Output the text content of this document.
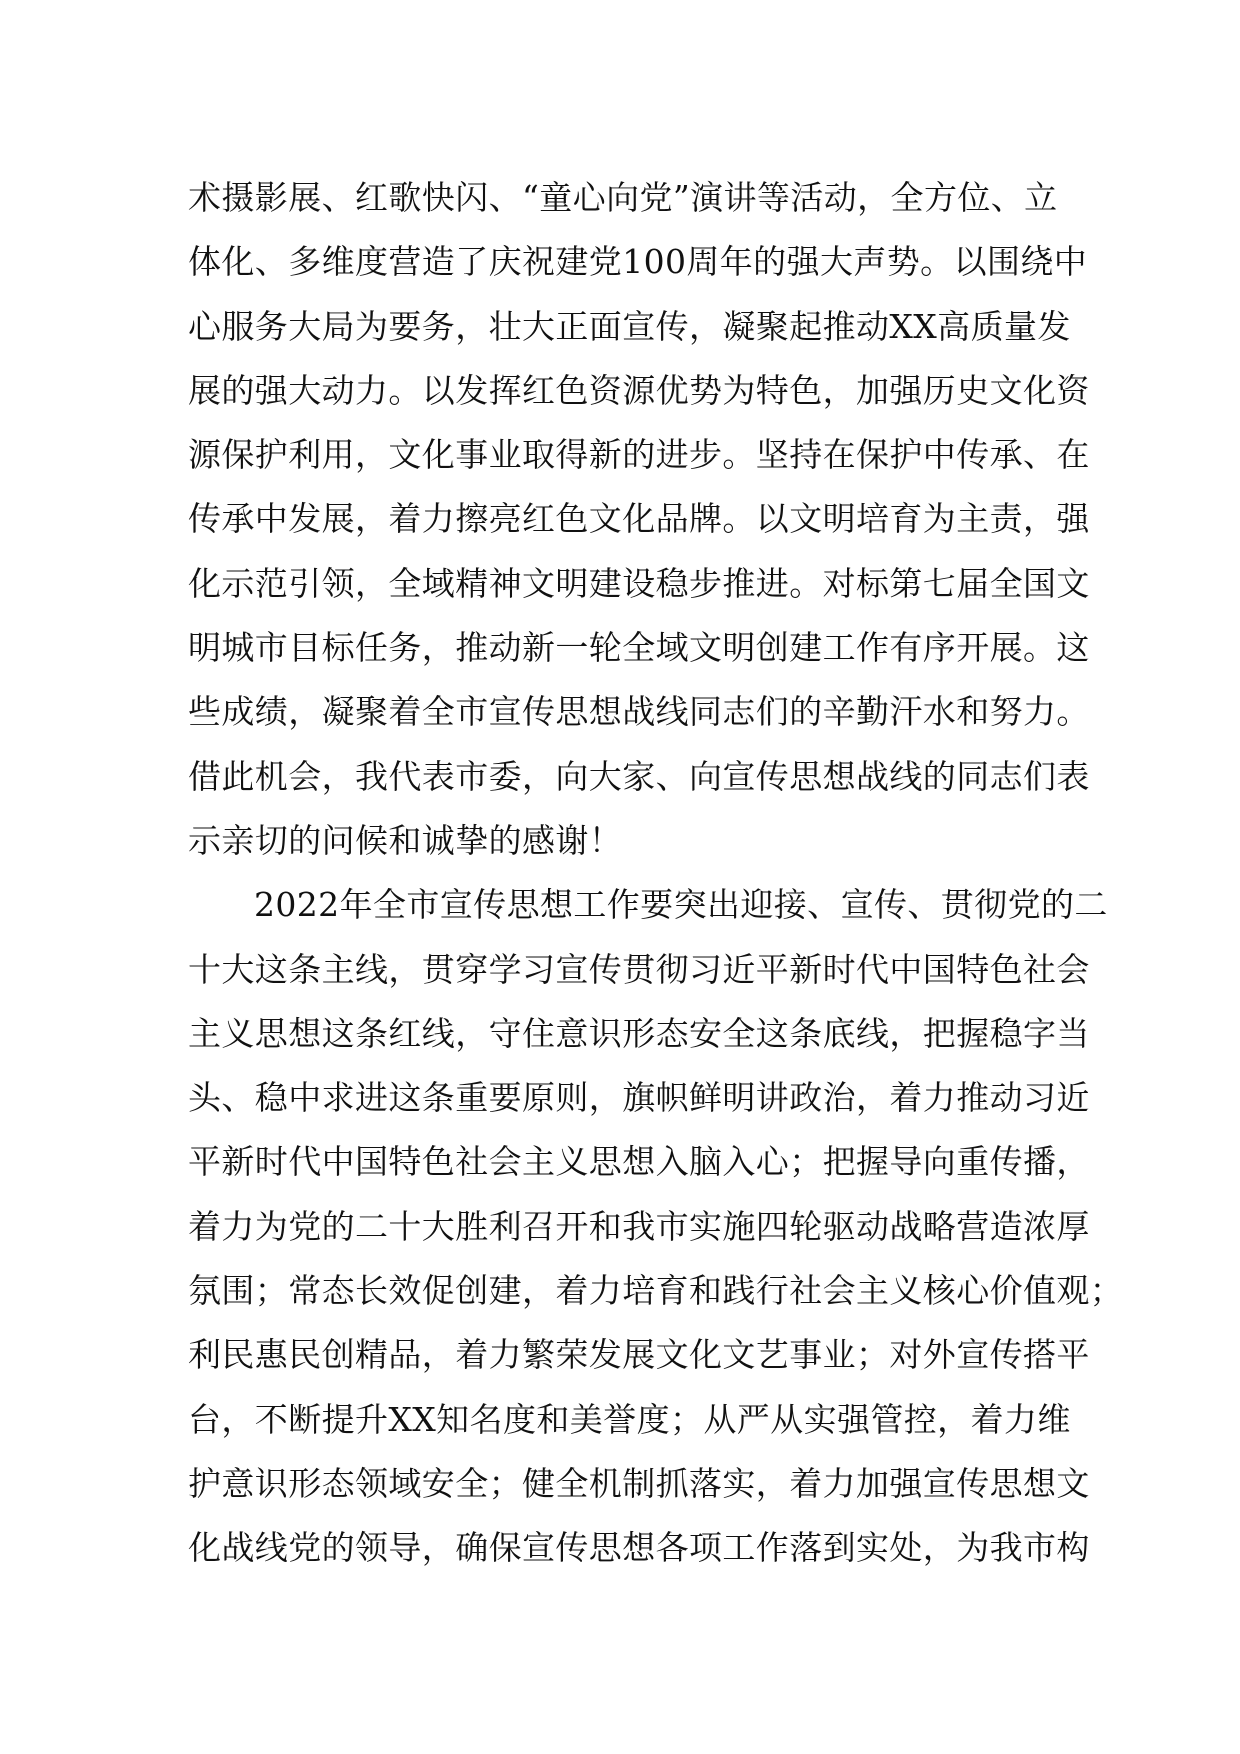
术摄影展、红歌快闪、“童心向党”演讲等活动，全方位、立
体化、多维度营造了庆祝建党100周年的强大声势。以围绕中
心服务大局为要务，壮大正面宣传，凝聚起推动XX高质量发
展的强大动力。以发挥红色资源优势为特色，加强历史文化资
源保护利用，文化事业取得新的进步。坚持在保护中传承、在
传承中发展，着力擦亮红色文化品牌。以文明培育为主责，强
化示范引领，全域精神文明建设稳步推进。对标第七届全国文
明城市目标任务，推动新一轮全域文明创建工作有序开展。这
些成绩，凝聚着全市宣传思想战线同志们的辛勤汗水和努力。
借此机会，我代表市委，向大家、向宣传思想战线的同志们表
示亲切的问候和诚挚的感谢！
2022年全市宣传思想工作要突出迎接、宣传、贯彻党的二
十大这条主线，贯穿学习宣传贯彻习近平新时代中国特色社会
主义思想这条红线，守住意识形态安全这条底线，把握稳字当
头、稳中求进这条重要原则，旗帜鲜明讲政治，着力推动习近
平新时代中国特色社会主义思想入脑入心；把握导向重传播，
着力为党的二十大胜利召开和我市实施四轮驱动战略营造浓厚
氛围；常态长效促创建，着力培育和践行社会主义核心价值观；
利民惠民创精品，着力繁荣发展文化文艺事业；对外宣传搭平
台，不断提升XX知名度和美誉度；从严从实强管控，着力维
护意识形态领域安全；健全机制抓落实，着力加强宣传思想文
化战线党的领导，确保宣传思想各项工作落到实处，为我市构
